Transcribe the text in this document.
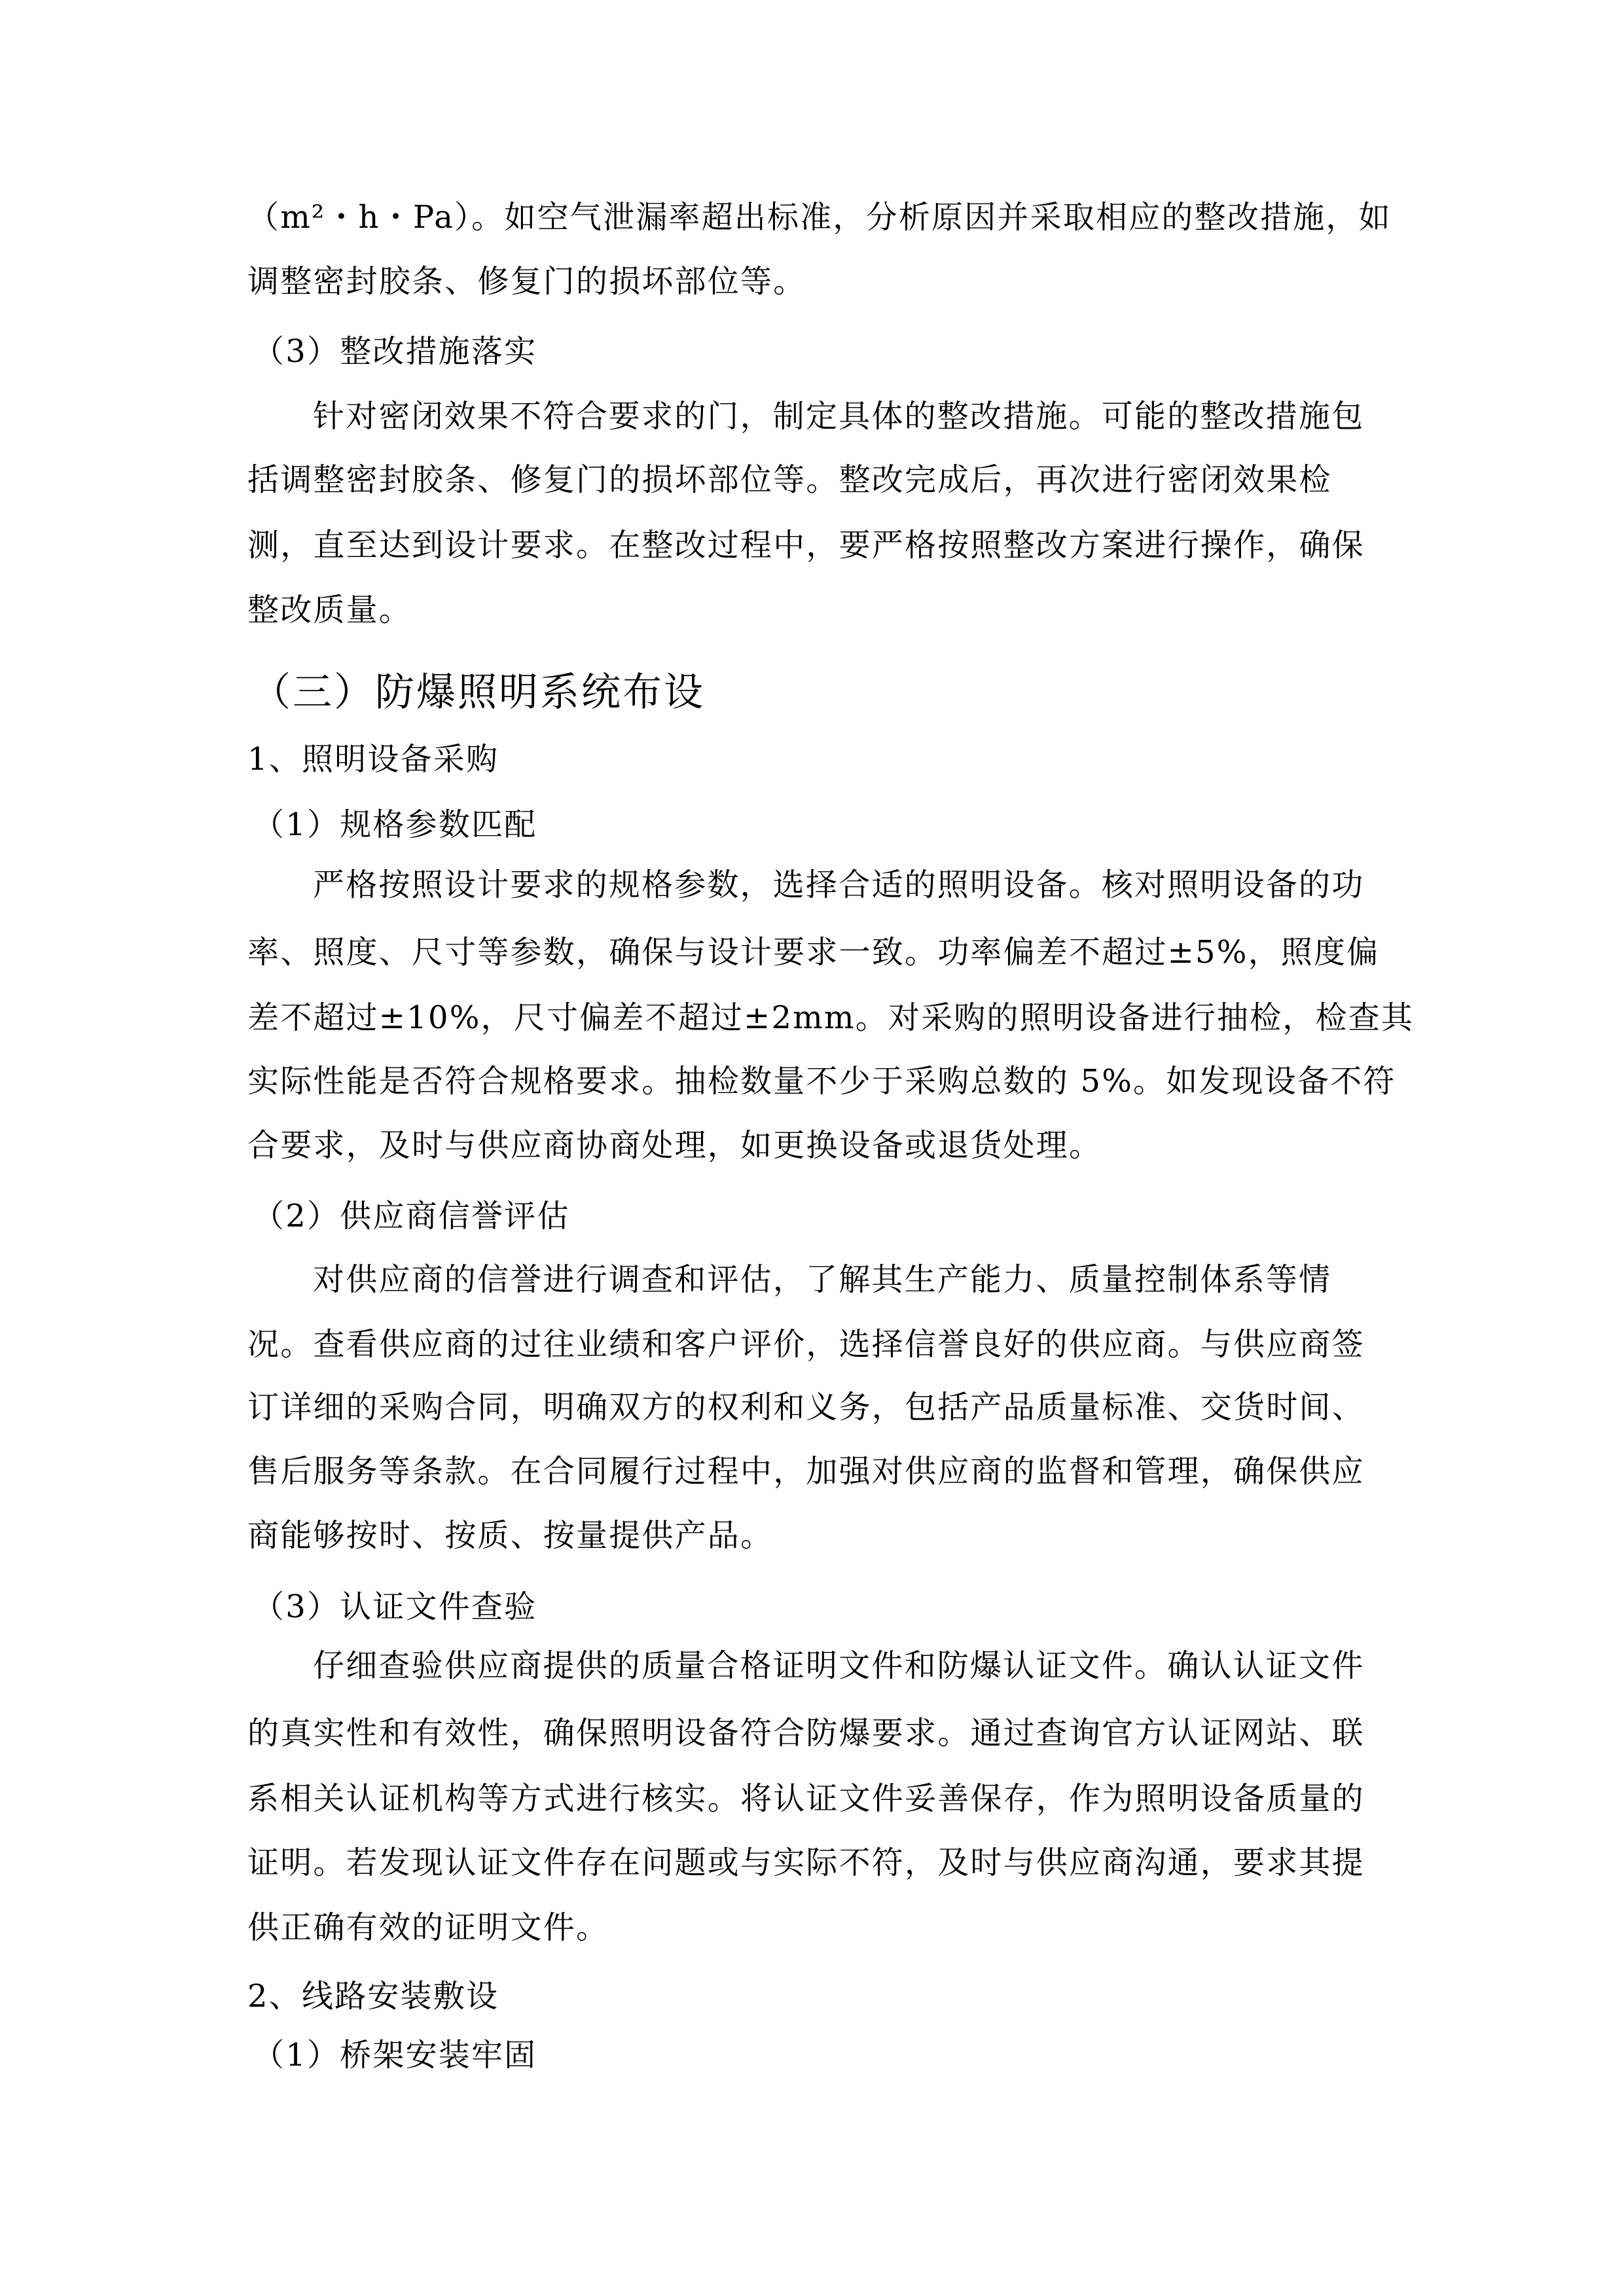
（m²・h・Pa）。如空气泄漏率超出标准，分析原因并采取相应的整改措施，如
调整密封胶条、修复门的损坏部位等。
（3）整改措施落实
针对密闭效果不符合要求的门，制定具体的整改措施。可能的整改措施包
括调整密封胶条、修复门的损坏部位等。整改完成后，再次进行密闭效果检
测，直至达到设计要求。在整改过程中，要严格按照整改方案进行操作，确保
整改质量。
（三）防爆照明系统布设
1、照明设备采购
（1）规格参数匹配
严格按照设计要求的规格参数，选择合适的照明设备。核对照明设备的功
率、照度、尺寸等参数，确保与设计要求一致。功率偏差不超过±5%，照度偏
差不超过±10%，尺寸偏差不超过±2mm。对采购的照明设备进行抽检，检查其
实际性能是否符合规格要求。抽检数量不少于采购总数的 5%。如发现设备不符
合要求，及时与供应商协商处理，如更换设备或退货处理。
（2）供应商信誉评估
对供应商的信誉进行调查和评估，了解其生产能力、质量控制体系等情
况。查看供应商的过往业绩和客户评价，选择信誉良好的供应商。与供应商签
订详细的采购合同，明确双方的权利和义务，包括产品质量标准、交货时间、
售后服务等条款。在合同履行过程中，加强对供应商的监督和管理，确保供应
商能够按时、按质、按量提供产品。
（3）认证文件查验
仔细查验供应商提供的质量合格证明文件和防爆认证文件。确认认证文件
的真实性和有效性，确保照明设备符合防爆要求。通过查询官方认证网站、联
系相关认证机构等方式进行核实。将认证文件妥善保存，作为照明设备质量的
证明。若发现认证文件存在问题或与实际不符，及时与供应商沟通，要求其提
供正确有效的证明文件。
2、线路安装敷设
（1）桥架安装牢固
